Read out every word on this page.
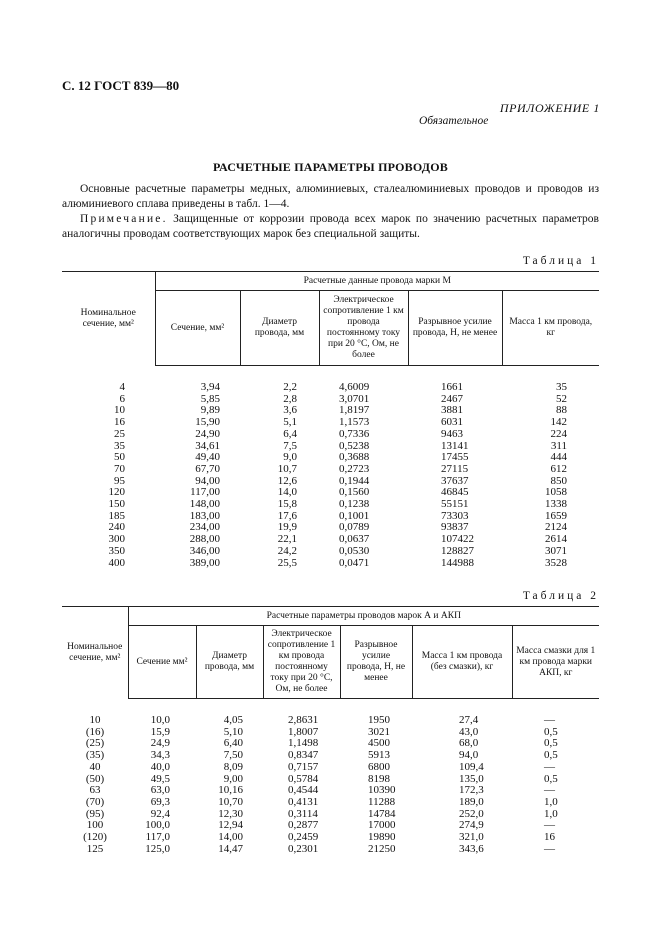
С. 12 ГОСТ 839—80
ПРИЛОЖЕНИЕ 1
Обязательное
РАСЧЕТНЫЕ ПАРАМЕТРЫ ПРОВОДОВ
Основные расчетные параметры медных, алюминиевых, сталеалюминиевых проводов и проводов из алюминиевого сплава приведены в табл. 1—4.
Примечание. Защищенные от коррозии провода всех марок по значению расчетных параметров аналогичны проводам соответствующих марок без специальной защиты.
Таблица 1
Номинальное сечение, мм²	Расчетные данные провода марки М				
	Сечение, мм²	Диаметр провода, мм	Электрическое сопротивление 1 км провода постоянному току при 20 °С, Ом, не более	Разрывное усилие провода, Н, не менее	Масса 1 км провода, кг

4	3,94	2,2	4,6009	1661	35
6	5,85	2,8	3,0701	2467	52
10	9,89	3,6	1,8197	3881	88
16	15,90	5,1	1,1573	6031	142
25	24,90	6,4	0,7336	9463	224
35	34,61	7,5	0,5238	13141	311
50	49,40	9,0	0,3688	17455	444
70	67,70	10,7	0,2723	27115	612
95	94,00	12,6	0,1944	37637	850
120	117,00	14,0	0,1560	46845	1058
150	148,00	15,8	0,1238	55151	1338
185	183,00	17,6	0,1001	73303	1659
240	234,00	19,9	0,0789	93837	2124
300	288,00	22,1	0,0637	107422	2614
350	346,00	24,2	0,0530	128827	3071
400	389,00	25,5	0,0471	144988	3528
Таблица 2
Номинальное сечение, мм²	Расчетные параметры проводов марок А и АКП					
	Сечение мм²	Диаметр провода, мм	Электрическое сопротивление 1 км провода постоянному току при 20 °С, Ом, не более	Разрывное усилие провода, Н, не менее	Масса 1 км провода (без смазки), кг	Масса смазки для 1 км провода марки АКП, кг

10	10,0	4,05	2,8631	1950	27,4	—
(16)	15,9	5,10	1,8007	3021	43,0	0,5
(25)	24,9	6,40	1,1498	4500	68,0	0,5
(35)	34,3	7,50	0,8347	5913	94,0	0,5
40	40,0	8,09	0,7157	6800	109,4	—
(50)	49,5	9,00	0,5784	8198	135,0	0,5
63	63,0	10,16	0,4544	10390	172,3	—
(70)	69,3	10,70	0,4131	11288	189,0	1,0
(95)	92,4	12,30	0,3114	14784	252,0	1,0
100	100,0	12,94	0,2877	17000	274,9	—
(120)	117,0	14,00	0,2459	19890	321,0	16
125	125,0	14,47	0,2301	21250	343,6	—
